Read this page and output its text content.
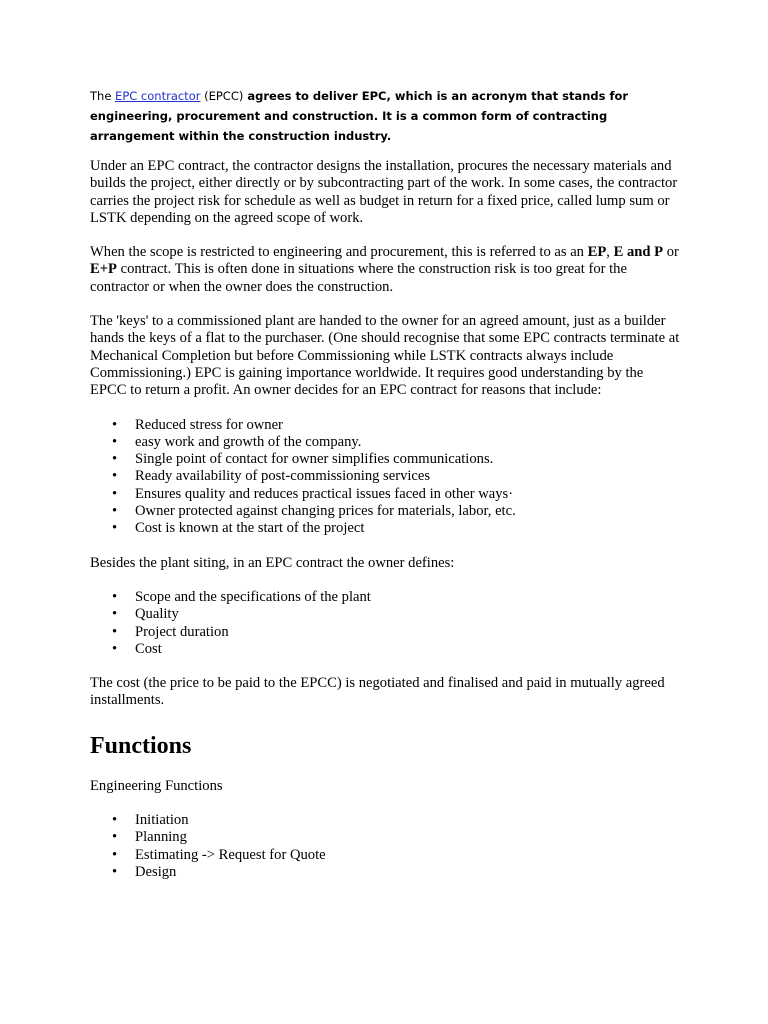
The EPC contractor (EPCC) agrees to deliver EPC, which is an acronym that stands for engineering, procurement and construction. It is a common form of contracting arrangement within the construction industry.

Under an EPC contract, the contractor designs the installation, procures the necessary materials and builds the project, either directly or by subcontracting part of the work. In some cases, the contractor carries the project risk for schedule as well as budget in return for a fixed price, called lump sum or LSTK depending on the agreed scope of work.

When the scope is restricted to engineering and procurement, this is referred to as an EP, E and P or E+P contract. This is often done in situations where the construction risk is too great for the contractor or when the owner does the construction.

The 'keys' to a commissioned plant are handed to the owner for an agreed amount, just as a builder hands the keys of a flat to the purchaser. (One should recognise that some EPC contracts terminate at Mechanical Completion but before Commissioning while LSTK contracts always include Commissioning.) EPC is gaining importance worldwide. It requires good understanding by the EPCC to return a profit. An owner decides for an EPC contract for reasons that include:

• Reduced stress for owner
• easy work and growth of the company.
• Single point of contact for owner simplifies communications.
• Ready availability of post-commissioning services
• Ensures quality and reduces practical issues faced in other ways·
• Owner protected against changing prices for materials, labor, etc.
• Cost is known at the start of the project

Besides the plant siting, in an EPC contract the owner defines:

• Scope and the specifications of the plant
• Quality
• Project duration
• Cost

The cost (the price to be paid to the EPCC) is negotiated and finalised and paid in mutually agreed installments.

Functions

Engineering Functions

• Initiation
• Planning
• Estimating -> Request for Quote
• Design
